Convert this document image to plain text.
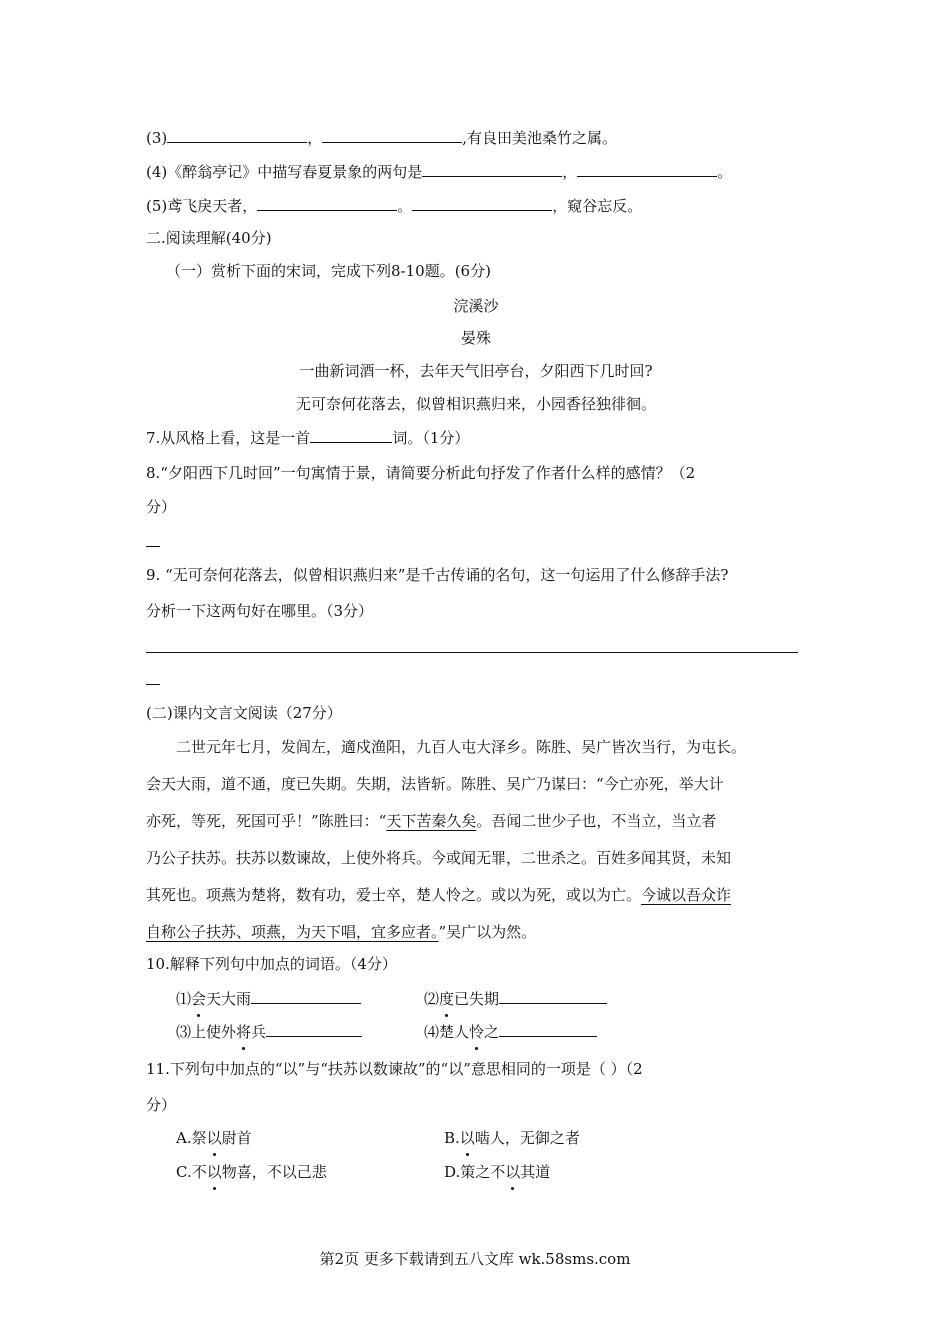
(3)	，	,有良田美池桑竹之属。
(4)《醉翁亭记》中描写春夏景象的两句是	，	。
(5)鸢飞戾天者，	。	，窥谷忘反。
二.阅读理解(40分)
（一）赏析下面的宋词，完成下列8-10题。(6分)
浣溪沙
晏殊
一曲新词酒一杯，去年天气旧亭台，夕阳西下几时回?
无可奈何花落去，似曾相识燕归来，小园香径独徘徊。
7.从风格上看，这是一首	词。（1分）
8.“夕阳西下几时回”一句寓情于景，请简要分析此句抒发了作者什么样的感情？（2
分）
9. “无可奈何花落去，似曾相识燕归来”是千古传诵的名句，这一句运用了什么修辞手法?
分析一下这两句好在哪里。（3分）
(二)课内文言文阅读（27分）
二世元年七月，发闾左，適戍渔阳，九百人屯大泽乡。陈胜、吴广皆次当行，为屯长。
会天大雨，道不通，度已失期。失期，法皆斩。陈胜、吴广乃谋曰：“今亡亦死，举大计
亦死，等死，死国可乎！”陈胜曰：“天下苦秦久矣。吾闻二世少子也，不当立，当立者
乃公子扶苏。扶苏以数谏故，上使外将兵。今或闻无罪，二世杀之。百姓多闻其贤，未知
其死也。项燕为楚将，数有功，爱士卒，楚人怜之。或以为死，或以为亡。今诚以吾众诈
自称公子扶苏、项燕，为天下唱，宜多应者。”吴广以为然。
10.解释下列句中加点的词语。（4分）
⑴会天大雨	⑵度已失期
⑶上使外将兵	⑷楚人怜之
11.下列句中加点的“以”与“扶苏以数谏故”的“以”意思相同的一项是（ ）（2
分）
A.祭以尉首	B.以啮人，无御之者
C.不以物喜，不以己悲	D.策之不以其道
第2页 更多下载请到五八文库 wk.58sms.com
